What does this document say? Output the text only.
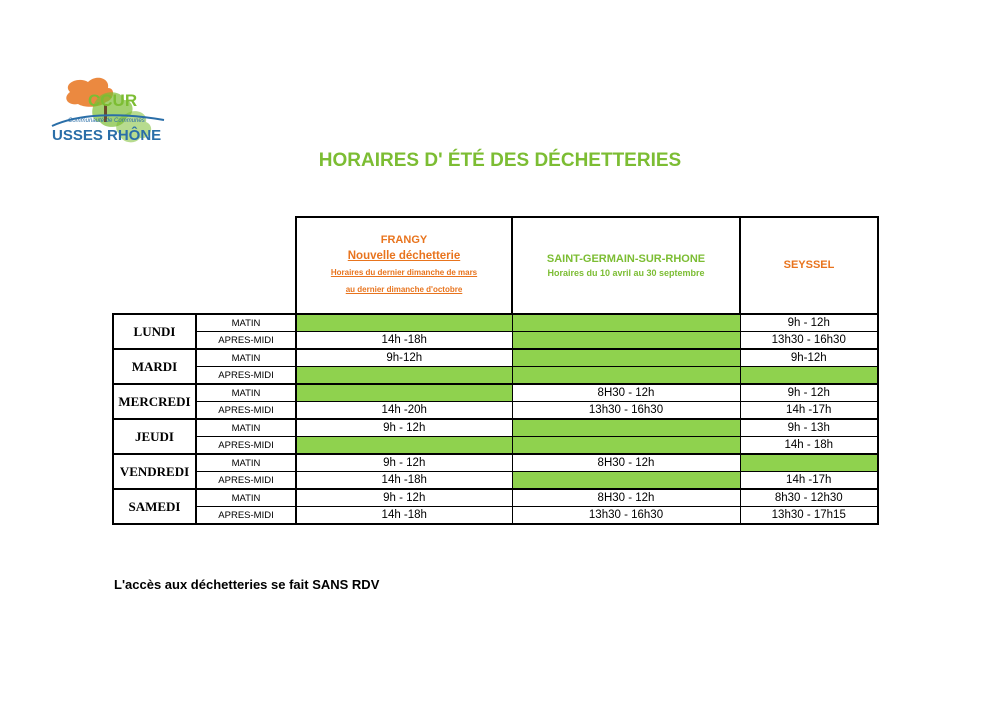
CCUR
Communauté de Communes
USSES RHÔNE
HORAIRES D' ÉTÉ DES DÉCHETTERIES

		FRANGY
Nouvelle déchetterie
Horaires du dernier dimanche de mars
au dernier dimanche d'octobre	SAINT-GERMAIN-SUR-RHONE
Horaires du 10 avril au 30 septembre	SEYSSEL

LUNDI	MATIN			9h - 12h
	APRES-MIDI	14h -18h		13h30 - 16h30
MARDI	MATIN	9h-12h		9h-12h
	APRES-MIDI			
MERCREDI	MATIN		8H30 - 12h	9h - 12h
	APRES-MIDI	14h -20h	13h30 - 16h30	14h -17h
JEUDI	MATIN	9h - 12h		9h - 13h
	APRES-MIDI			14h - 18h
VENDREDI	MATIN	9h - 12h	8H30 - 12h	
	APRES-MIDI	14h -18h		14h -17h
SAMEDI	MATIN	9h - 12h	8H30 - 12h	8h30 - 12h30
	APRES-MIDI	14h -18h	13h30 - 16h30	13h30 - 17h15
L'accès aux déchetteries se fait SANS RDV
